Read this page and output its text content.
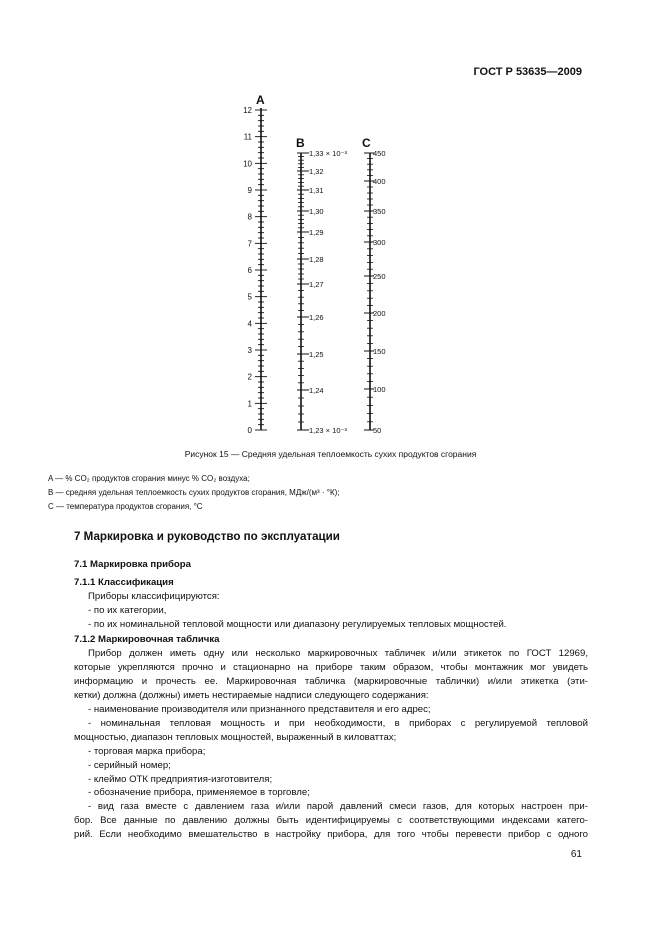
ГОСТ Р 53635—2009
0
1
2
3
4
5
6
7
8
9
10
11
12
A
1,23 × 10⁻³
1,24
1,25
1,26
1,27
1,28
1,29
1,30
1,31
1,32
1,33 × 10⁻³
B
50
100
150
200
250
300
350
400
450
C
Рисунок 15 — Средняя удельная теплоемкость сухих продуктов сгорания
A — % CO₂ продуктов сгорания минус % CO₂ воздуха;
B — средняя удельная теплоемкость сухих продуктов сгорания, МДж/(м³ · °К);
C — температура продуктов сгорания, °С

7 Маркировка и руководство по эксплуатации

7.1 Маркировка прибора

7.1.1 Классификация

Приборы классифицируются:

- по их категории,

- по их номинальной тепловой мощности или диапазону регулируемых тепловых мощностей.

7.1.2 Маркировочная табличка

Прибор должен иметь одну или несколько маркировочных табличек и/или этикеток по ГОСТ 12969,

которые укрепляются прочно и стационарно на приборе таким образом, чтобы монтажник мог увидеть

информацию и прочесть ее. Маркировочная табличка (маркировочные таблички) и/или этикетка (эти-

кетки) должна (должны) иметь нестираемые надписи следующего содержания:

- наименование производителя или признанного представителя и его адрес;

- номинальная тепловая мощность и при необходимости, в приборах с регулируемой тепловой

мощностью, диапазон тепловых мощностей, выраженный в киловаттах;

- торговая марка прибора;

- серийный номер;

- клеймо ОТК предприятия-изготовителя;

- обозначение прибора, применяемое в торговле;

- вид газа вместе с давлением газа и/или парой давлений смеси газов, для которых настроен при-

бор. Все данные по давлению должны быть идентифицируемы с соответствующими индексами катего-

рий. Если необходимо вмешательство в настройку прибора, для того чтобы перевести прибор с одного

61
